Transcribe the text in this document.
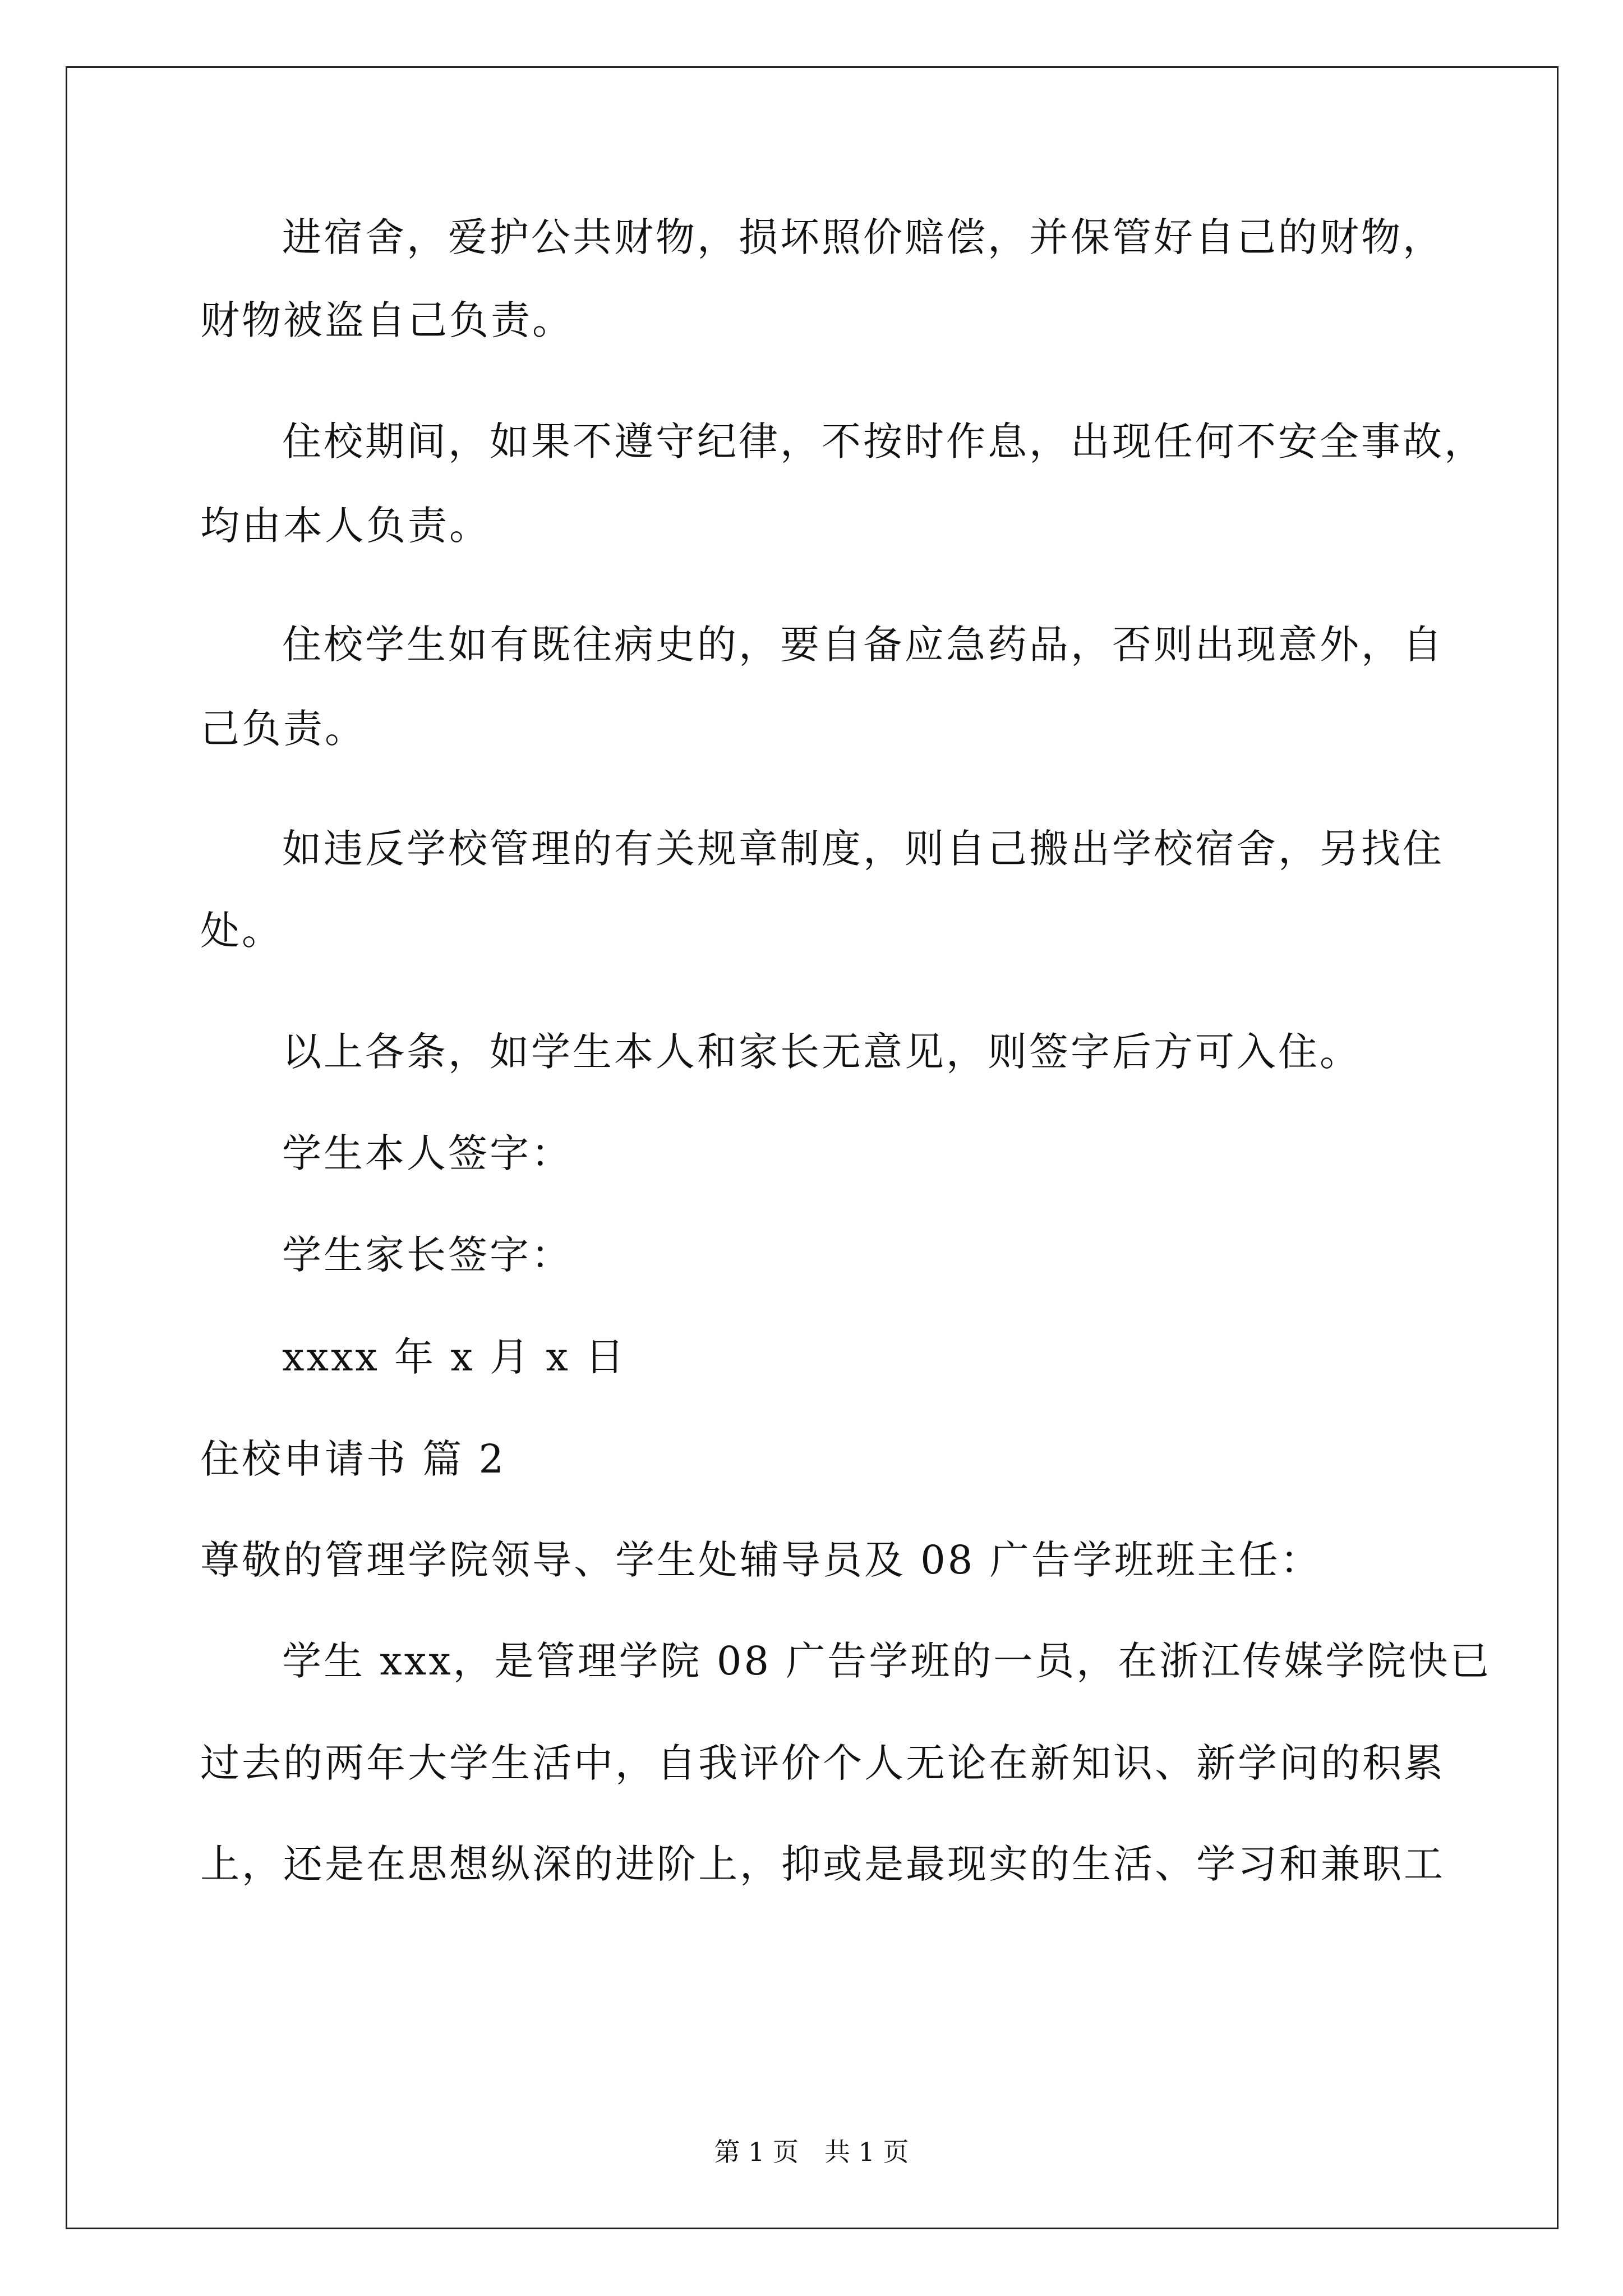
进宿舍，爱护公共财物，损坏照价赔偿，并保管好自己的财物，
财物被盗自己负责。
住校期间，如果不遵守纪律，不按时作息，出现任何不安全事故，
均由本人负责。
住校学生如有既往病史的，要自备应急药品，否则出现意外，自
己负责。
如违反学校管理的有关规章制度，则自己搬出学校宿舍，另找住
处。
以上各条，如学生本人和家长无意见，则签字后方可入住。
学生本人签字：
学生家长签字：
xxxx 年 x 月 x 日
住校申请书 篇 2
尊敬的管理学院领导、学生处辅导员及 08 广告学班班主任：
学生 xxx，是管理学院 08 广告学班的一员，在浙江传媒学院快已
过去的两年大学生活中，自我评价个人无论在新知识、新学问的积累
上，还是在思想纵深的进阶上，抑或是最现实的生活、学习和兼职工
第 1 页　共 1 页
